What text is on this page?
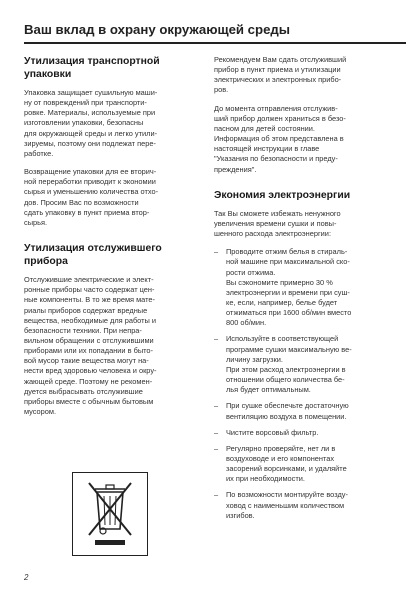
Ваш вклад в охрану окружающей среды
Утилизация транспортной
упаковки

Упаковка защищает сушильную маши-
ну от повреждений при транспорти-
ровке. Материалы, используемые при
изготовлении упаковки, безопасны
для окружающей среды и легко утили-
зируемы, поэтому они подлежат пере-
работке.

Возвращение упаковки для ее вторич-
ной переработки приводит к экономии
сырья и уменьшению количества отхо-
дов. Просим Вас по возможности
сдать упаковку в пункт приема втор-
сырья.

Утилизация отслужившего
прибора

Отслужившие электрические и элект-
ронные приборы часто содержат цен-
ные компоненты. В то же время мате-
риалы приборов содержат вредные
вещества, необходимые для работы и
безопасности техники. При непра-
вильном обращении с отслужившими
приборами или их попадании в быто-
вой мусор такие вещества могут на-
нести вред здоровью человека и окру-
жающей среде. Поэтому не рекомен-
дуется выбрасывать отслужившие
приборы вместе с обычным бытовым
мусором.

Рекомендуем Вам сдать отслуживший
прибор в пункт приема и утилизации
электрических и электронных прибо-
ров.

До момента отправления отслужив-
ший прибор должен храниться в безо-
пасном для детей состоянии.
Информация об этом представлена в
настоящей инструкции в главе
"Указания по безопасности и преду-
преждения".

Экономия электроэнергии

Так Вы сможете избежать ненужного
увеличения времени сушки и повы-
шенного расхода электроэнергии:

– Проводите отжим белья в стираль-
ной машине при максимальной ско-
рости отжима.
Вы сэкономите примерно 30 %
электроэнергии и времени при суш-
ке, если, например, белье будет
отжиматься при 1600 об/мин вместо
800 об/мин.
– Используйте в соответствующей
программе сушки максимальную ве-
личину загрузки.
При этом расход электроэнергии в
отношении общего количества бе-
лья будет оптимальным.
– При сушке обеспечьте достаточную
вентиляцию воздуха в помещении.
– Чистите ворсовый фильтр.
– Регулярно проверяйте, нет ли в
воздуховоде и его компонентах
засорений ворсинками, и удаляйте
их при необходимости.
– По возможности монтируйте возду-
ховод с наименьшим количеством
изгибов.
2
